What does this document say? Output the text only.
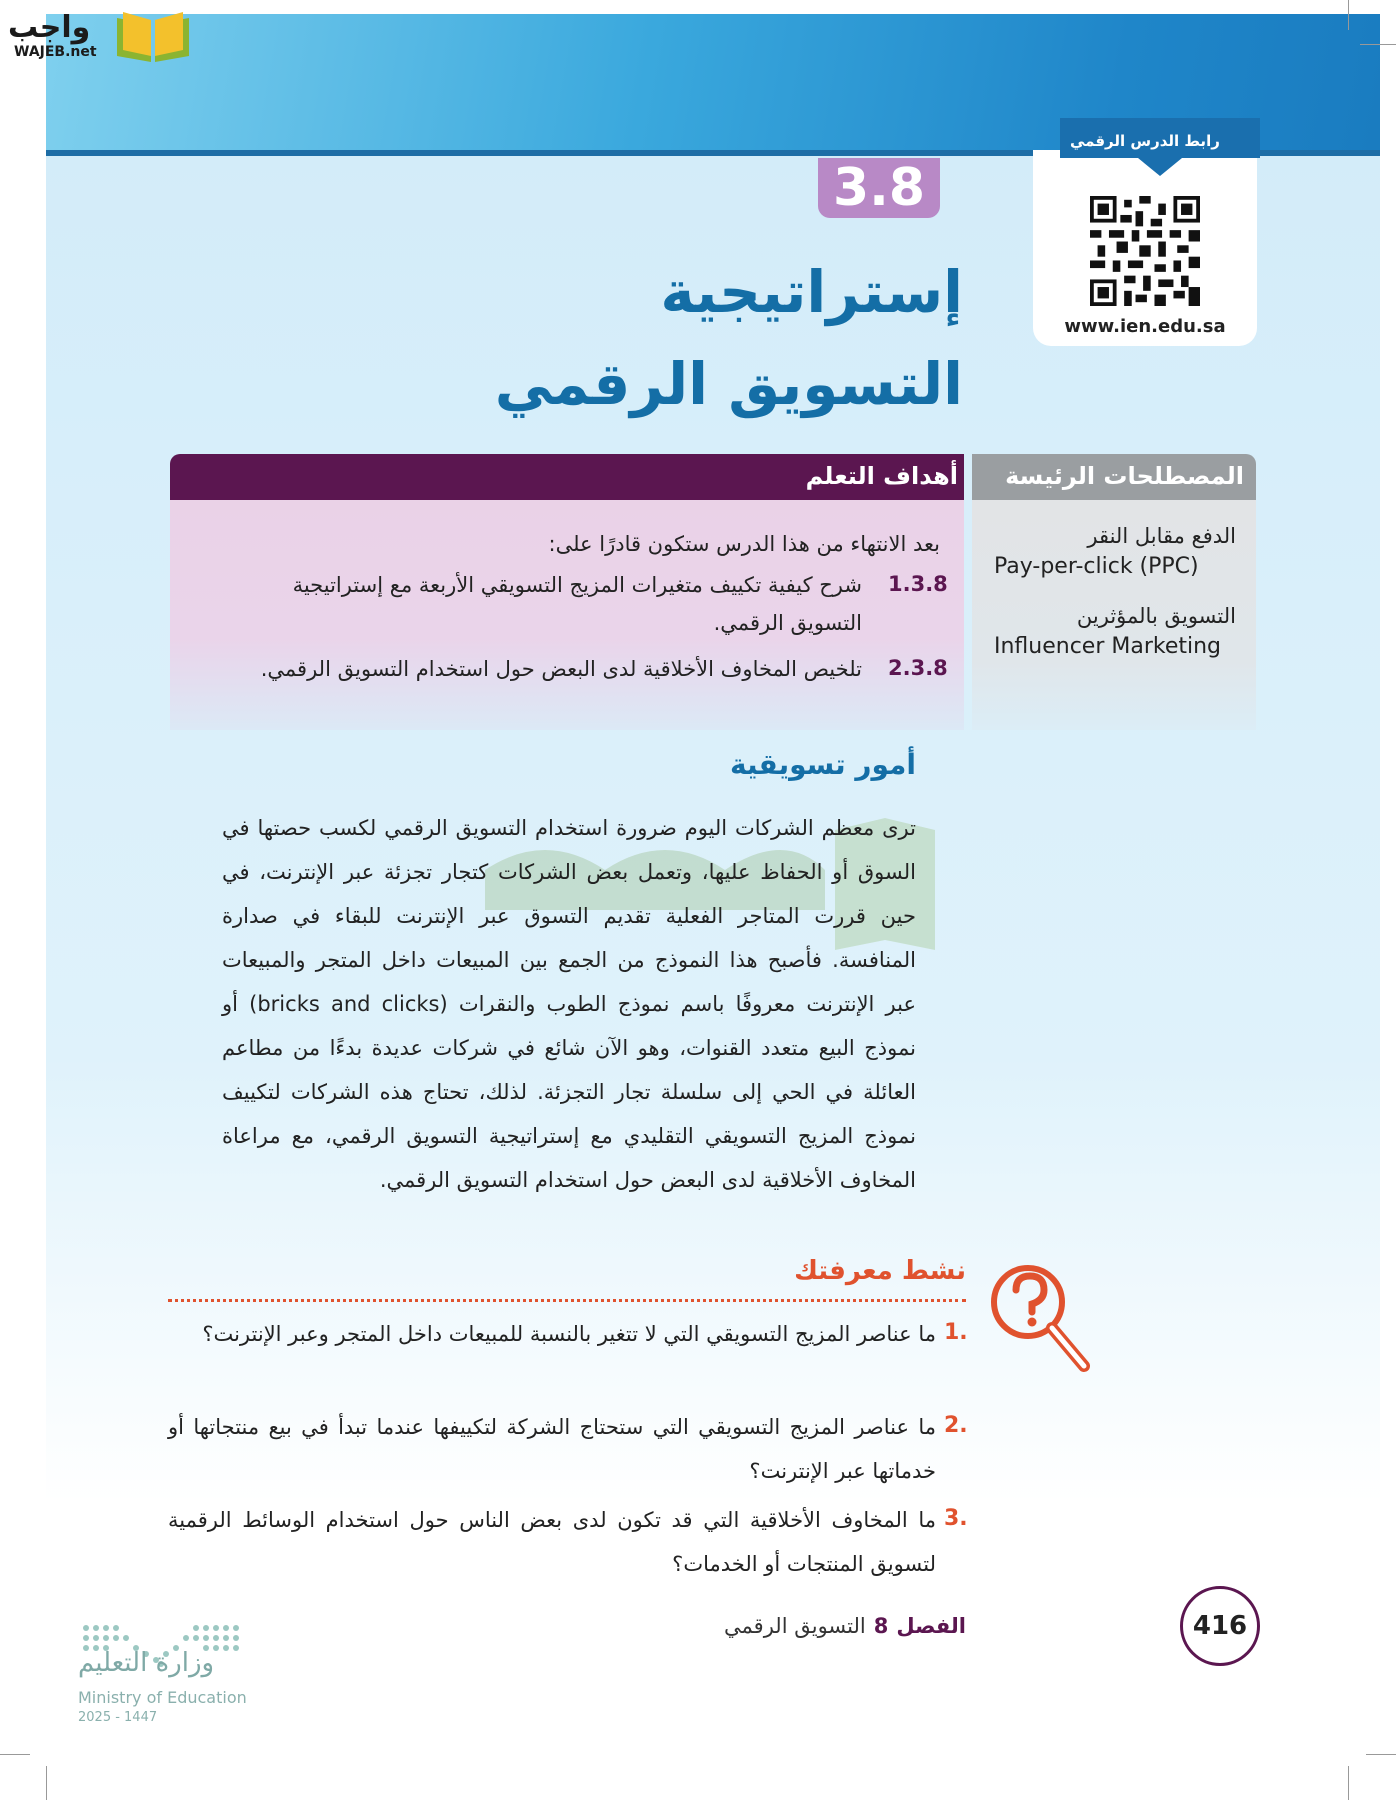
واجب
WAJEB.net
3.8
إستراتيجية
التسويق الرقمي
رابط الدرس الرقمي
www.ien.edu.sa
أهداف التعلم المصطلحات الرئيسة
بعد الانتهاء من هذا الدرس ستكون قادرًا على:
1.3.8
شرح كيفية تكييف متغيرات المزيج التسويقي الأربعة مع إستراتيجية التسويق الرقمي.
2.3.8
تلخيص المخاوف الأخلاقية لدى البعض حول استخدام التسويق الرقمي.
الدفع مقابل النقر
Pay-per-click (PPC)
التسويق بالمؤثرين
Influencer Marketing
أمور تسويقية
ترى معظم الشركات اليوم ضرورة استخدام التسويق الرقمي لكسب حصتها في السوق أو الحفاظ عليها، وتعمل بعض الشركات كتجار تجزئة عبر الإنترنت، في حين قررت المتاجر الفعلية تقديم التسوق عبر الإنترنت للبقاء في صدارة المنافسة. فأصبح هذا النموذج من الجمع بين المبيعات داخل المتجر والمبيعات عبر الإنترنت معروفًا باسم نموذج الطوب والنقرات (bricks and clicks) أو نموذج البيع متعدد القنوات، وهو الآن شائع في شركات عديدة بدءًا من مطاعم العائلة في الحي إلى سلسلة تجار التجزئة. لذلك، تحتاج هذه الشركات لتكييف نموذج المزيج التسويقي التقليدي مع إستراتيجية التسويق الرقمي، مع مراعاة المخاوف الأخلاقية لدى البعض حول استخدام التسويق الرقمي.
نشط معرفتك
1.
ما عناصر المزيج التسويقي التي لا تتغير بالنسبة للمبيعات داخل المتجر وعبر الإنترنت؟
2.
ما عناصر المزيج التسويقي التي ستحتاج الشركة لتكييفها عندما تبدأ في بيع منتجاتها أو خدماتها عبر الإنترنت؟
3.
ما المخاوف الأخلاقية التي قد تكون لدى بعض الناس حول استخدام الوسائط الرقمية لتسويق المنتجات أو الخدمات؟
وزارة التعليم
Ministry of Education
2025 - 1447
الفصل8التسويق الرقمي	416
